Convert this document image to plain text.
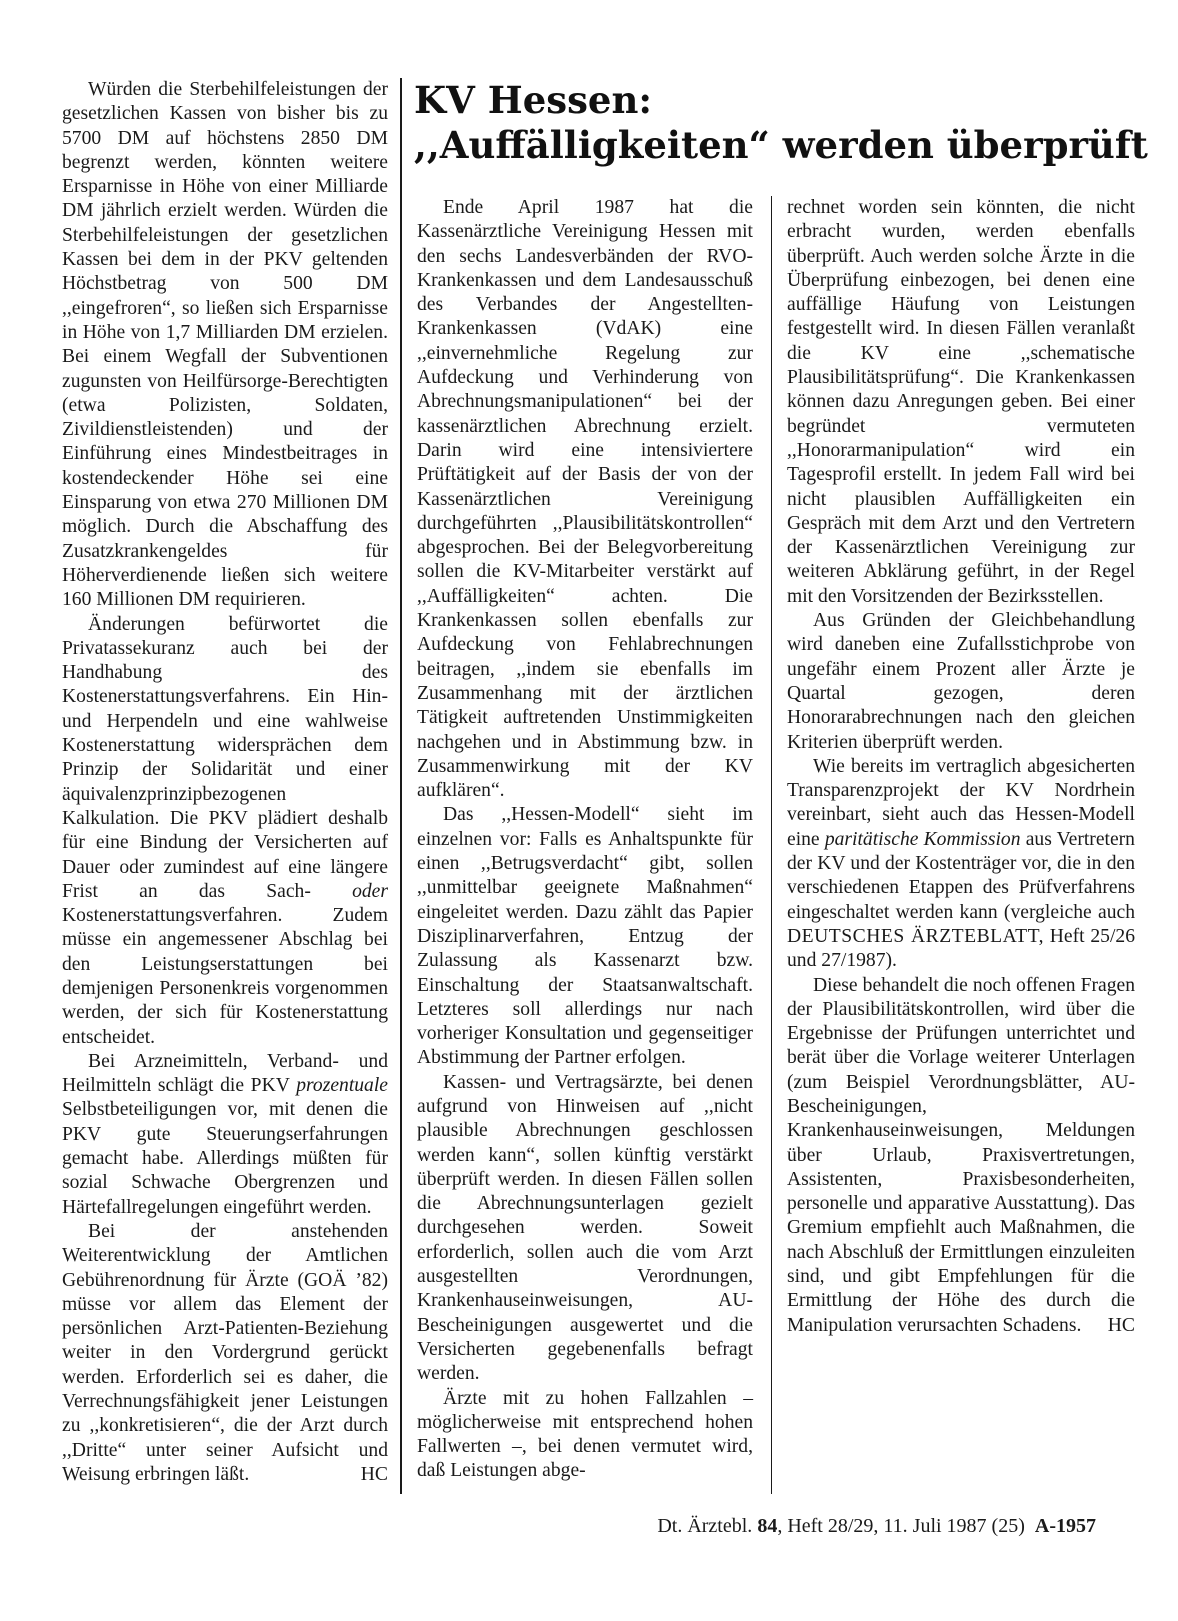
Würden die Sterbehilfeleistungen der gesetzlichen Kassen von bisher bis zu 5700 DM auf höchstens 2850 DM begrenzt werden, könnten weitere Ersparnisse in Höhe von einer Milliarde DM jährlich erzielt werden. Würden die Sterbehilfeleistungen der gesetzlichen Kassen bei dem in der PKV geltenden Höchstbetrag von 500 DM ,,eingefroren“, so ließen sich Ersparnisse in Höhe von 1,7 Milliarden DM erzielen. Bei einem Wegfall der Subventionen zugunsten von Heilfürsorge-Berechtigten (etwa Polizisten, Soldaten, Zivildienstleistenden) und der Einführung eines Mindestbeitrages in kostendeckender Höhe sei eine Einsparung von etwa 270 Millionen DM möglich. Durch die Abschaffung des Zusatzkrankengeldes für Höherverdienende ließen sich weitere 160 Millionen DM requirieren.

Änderungen befürwortet die Privatassekuranz auch bei der Handhabung des Kostenerstattungsverfahrens. Ein Hin- und Herpendeln und eine wahlweise Kostenerstattung widersprächen dem Prinzip der Solidarität und einer äquivalenzprinzipbezogenen Kalkulation. Die PKV plädiert deshalb für eine Bindung der Versicherten auf Dauer oder zumindest auf eine längere Frist an das Sach- oder Kostenerstattungsverfahren. Zudem müsse ein angemessener Abschlag bei den Leistungserstattungen bei demjenigen Personenkreis vorgenommen werden, der sich für Kostenerstattung entscheidet.

Bei Arzneimitteln, Verband- und Heilmitteln schlägt die PKV prozentuale Selbstbeteiligungen vor, mit denen die PKV gute Steuerungserfahrungen gemacht habe. Allerdings müßten für sozial Schwache Obergrenzen und Härtefallregelungen eingeführt werden.

Bei der anstehenden Weiterentwicklung der Amtlichen Gebührenordnung für Ärzte (GOÄ ’82) müsse vor allem das Element der persönlichen Arzt-Patienten-Beziehung weiter in den Vordergrund gerückt werden. Erforderlich sei es daher, die Verrechnungsfähigkeit jener Leistungen zu ,,konkretisieren“, die der Arzt durch ,,Dritte“ unter seiner Aufsicht und Weisung erbringen läßt.	HC

KV Hessen:
,,Auffälligkeiten“ werden überprüft

Ende April 1987 hat die Kassenärztliche Vereinigung Hessen mit den sechs Landesverbänden der RVO-Krankenkassen und dem Landesausschuß des Verbandes der Angestellten-Krankenkassen (VdAK) eine ,,einvernehmliche Regelung zur Aufdeckung und Verhinderung von Abrechnungsmanipulationen“ bei der kassenärztlichen Abrechnung erzielt. Darin wird eine intensiviertere Prüftätigkeit auf der Basis der von der Kassenärztlichen Vereinigung durchgeführten ,,Plausibilitätskontrollen“ abgesprochen. Bei der Belegvorbereitung sollen die KV-Mitarbeiter verstärkt auf ,,Auffälligkeiten“ achten. Die Krankenkassen sollen ebenfalls zur Aufdeckung von Fehlabrechnungen beitragen, ,,indem sie ebenfalls im Zusammenhang mit der ärztlichen Tätigkeit auftretenden Unstimmigkeiten nachgehen und in Abstimmung bzw. in Zusammenwirkung mit der KV aufklären“.

Das ,,Hessen-Modell“ sieht im einzelnen vor: Falls es Anhaltspunkte für einen ,,Betrugsverdacht“ gibt, sollen ,,unmittelbar geeignete Maßnahmen“ eingeleitet werden. Dazu zählt das Papier Disziplinarverfahren, Entzug der Zulassung als Kassenarzt bzw. Einschaltung der Staatsanwaltschaft. Letzteres soll allerdings nur nach vorheriger Konsultation und gegenseitiger Abstimmung der Partner erfolgen.

Kassen- und Vertragsärzte, bei denen aufgrund von Hinweisen auf ,,nicht plausible Abrechnungen geschlossen werden kann“, sollen künftig verstärkt überprüft werden. In diesen Fällen sollen die Abrechnungsunterlagen gezielt durchgesehen werden. Soweit erforderlich, sollen auch die vom Arzt ausgestellten Verordnungen, Krankenhauseinweisungen, AU-Bescheinigungen ausgewertet und die Versicherten gegebenenfalls befragt werden.

Ärzte mit zu hohen Fallzahlen – möglicherweise mit entsprechend hohen Fallwerten –, bei denen vermutet wird, daß Leistungen abge-

rechnet worden sein könnten, die nicht erbracht wurden, werden ebenfalls überprüft. Auch werden solche Ärzte in die Überprüfung einbezogen, bei denen eine auffällige Häufung von Leistungen festgestellt wird. In diesen Fällen veranlaßt die KV eine ,,schematische Plausibilitätsprüfung“. Die Krankenkassen können dazu Anregungen geben. Bei einer begründet vermuteten ,,Honorarmanipulation“ wird ein Tagesprofil erstellt. In jedem Fall wird bei nicht plausiblen Auffälligkeiten ein Gespräch mit dem Arzt und den Vertretern der Kassenärztlichen Vereinigung zur weiteren Abklärung geführt, in der Regel mit den Vorsitzenden der Bezirksstellen.

Aus Gründen der Gleichbehandlung wird daneben eine Zufallsstichprobe von ungefähr einem Prozent aller Ärzte je Quartal gezogen, deren Honorarabrechnungen nach den gleichen Kriterien überprüft werden.

Wie bereits im vertraglich abgesicherten Transparenzprojekt der KV Nordrhein vereinbart, sieht auch das Hessen-Modell eine paritätische Kommission aus Vertretern der KV und der Kostenträger vor, die in den verschiedenen Etappen des Prüfverfahrens eingeschaltet werden kann (vergleiche auch DEUTSCHES ÄRZTEBLATT, Heft 25/26 und 27/1987).

Diese behandelt die noch offenen Fragen der Plausibilitätskontrollen, wird über die Ergebnisse der Prüfungen unterrichtet und berät über die Vorlage weiterer Unterlagen (zum Beispiel Verordnungsblätter, AU-Bescheinigungen, Krankenhauseinweisungen, Meldungen über Urlaub, Praxisvertretungen, Assistenten, Praxisbesonderheiten, personelle und apparative Ausstattung). Das Gremium empfiehlt auch Maßnahmen, die nach Abschluß der Ermittlungen einzuleiten sind, und gibt Empfehlungen für die Ermittlung der Höhe des durch die Manipulation verursachten Schadens. HC

Dt. Ärztebl. 84, Heft 28/29, 11. Juli 1987 (25) A-1957
